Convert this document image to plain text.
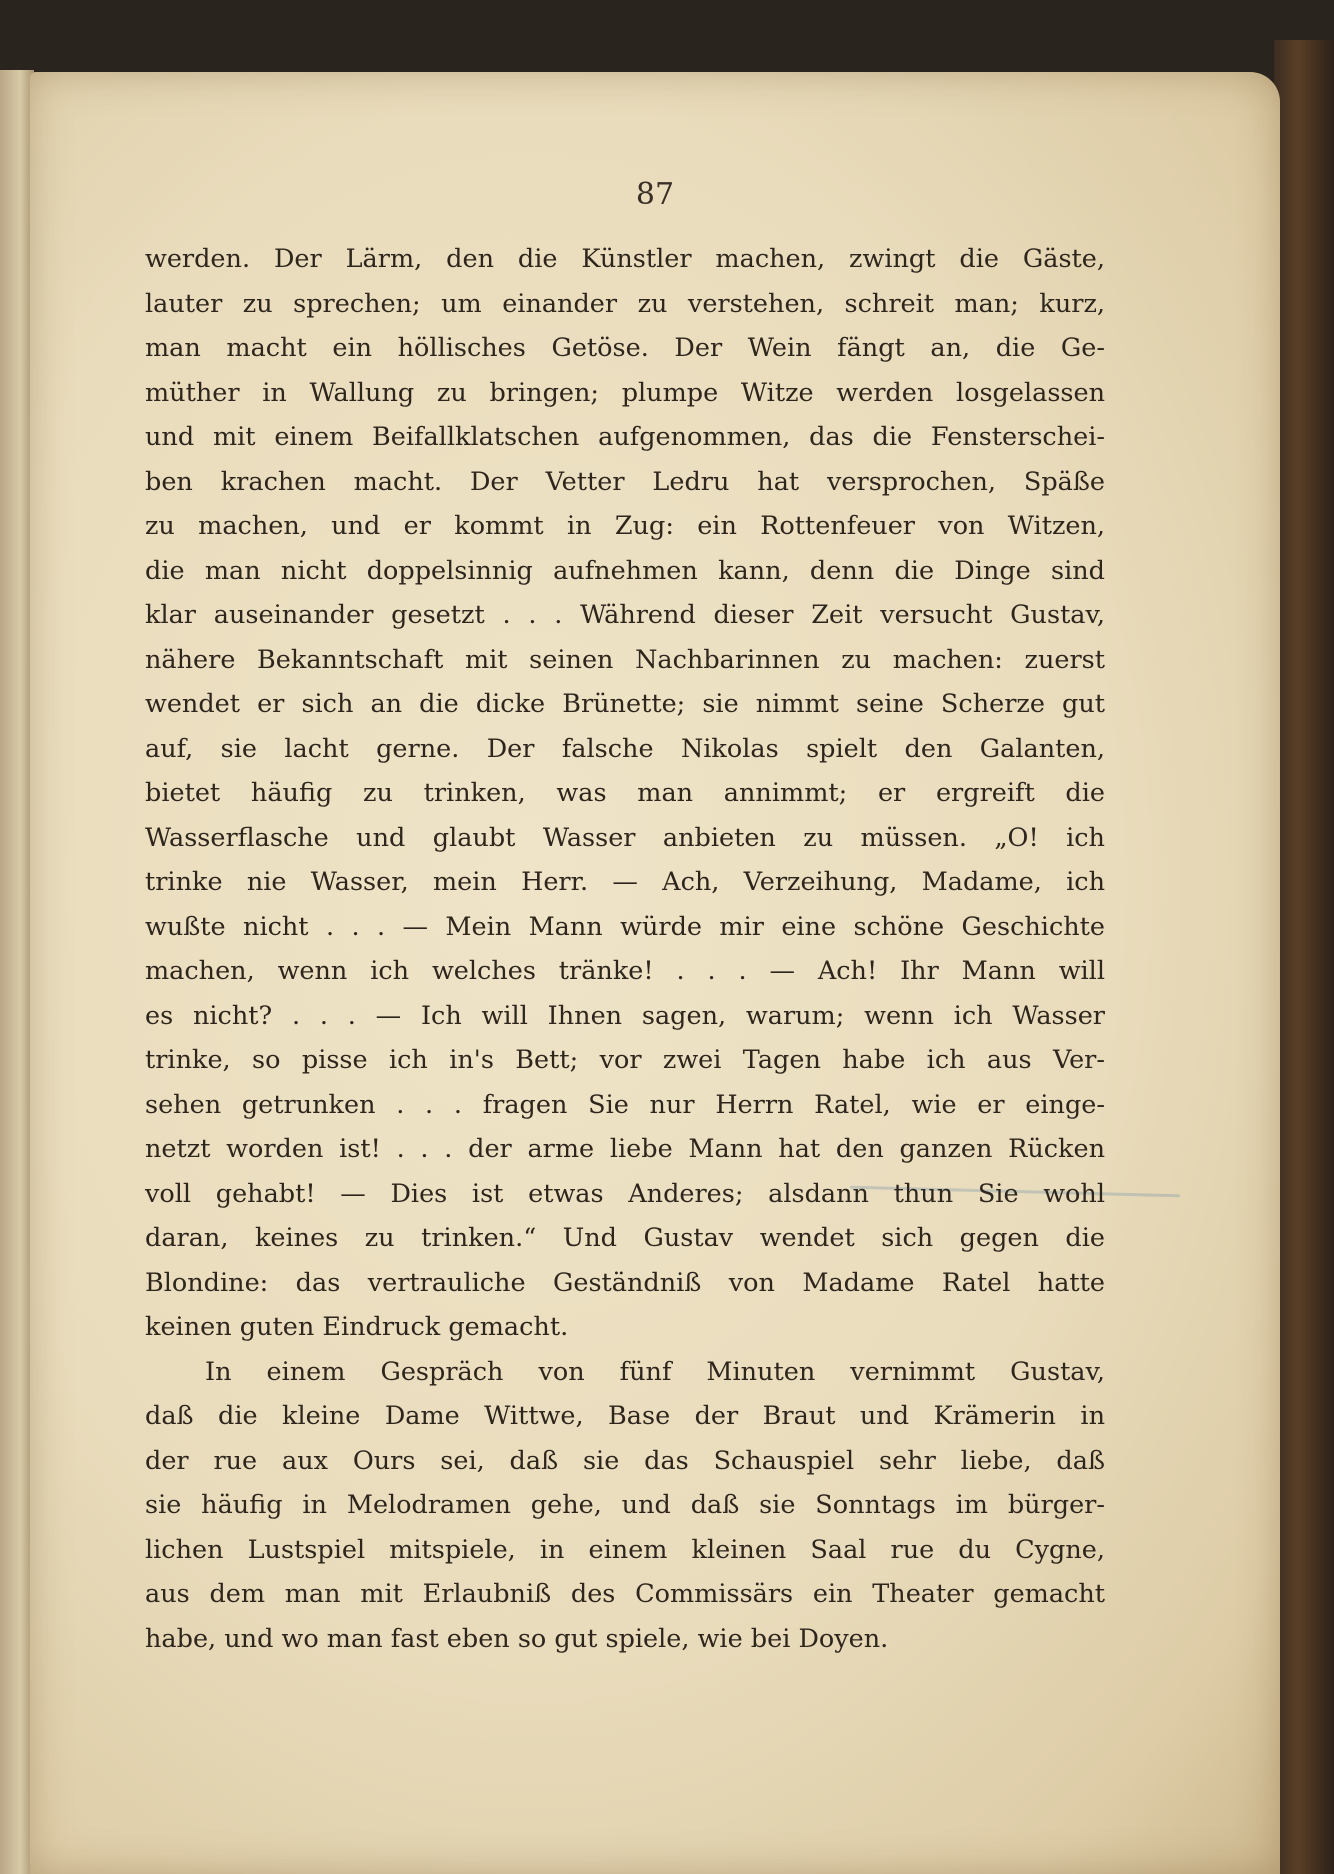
87
werden. Der Lärm, den die Künstler machen, zwingt die Gäste,
lauter zu sprechen; um einander zu verstehen, schreit man; kurz,
man macht ein höllisches Getöse. Der Wein fängt an, die Ge-
müther in Wallung zu bringen; plumpe Witze werden losgelassen
und mit einem Beifallklatschen aufgenommen, das die Fensterschei-
ben krachen macht. Der Vetter Ledru hat versprochen, Späße
zu machen, und er kommt in Zug: ein Rottenfeuer von Witzen,
die man nicht doppelsinnig aufnehmen kann, denn die Dinge sind
klar auseinander gesetzt . . . Während dieser Zeit versucht Gustav,
nähere Bekanntschaft mit seinen Nachbarinnen zu machen: zuerst
wendet er sich an die dicke Brünette; sie nimmt seine Scherze gut
auf, sie lacht gerne. Der falsche Nikolas spielt den Galanten,
bietet häufig zu trinken, was man annimmt; er ergreift die
Wasserflasche und glaubt Wasser anbieten zu müssen. „O! ich
trinke nie Wasser, mein Herr. — Ach, Verzeihung, Madame, ich
wußte nicht . . . — Mein Mann würde mir eine schöne Geschichte
machen, wenn ich welches tränke! . . . — Ach! Ihr Mann will
es nicht? . . . — Ich will Ihnen sagen, warum; wenn ich Wasser
trinke, so pisse ich in's Bett; vor zwei Tagen habe ich aus Ver-
sehen getrunken . . . fragen Sie nur Herrn Ratel, wie er einge-
netzt worden ist! . . . der arme liebe Mann hat den ganzen Rücken
voll gehabt! — Dies ist etwas Anderes; alsdann thun Sie wohl
daran, keines zu trinken.“ Und Gustav wendet sich gegen die
Blondine: das vertrauliche Geständniß von Madame Ratel hatte
keinen guten Eindruck gemacht.
In einem Gespräch von fünf Minuten vernimmt Gustav,
daß die kleine Dame Wittwe, Base der Braut und Krämerin in
der rue aux Ours sei, daß sie das Schauspiel sehr liebe, daß
sie häufig in Melodramen gehe, und daß sie Sonntags im bürger-
lichen Lustspiel mitspiele, in einem kleinen Saal rue du Cygne,
aus dem man mit Erlaubniß des Commissärs ein Theater gemacht
habe, und wo man fast eben so gut spiele, wie bei Doyen.
